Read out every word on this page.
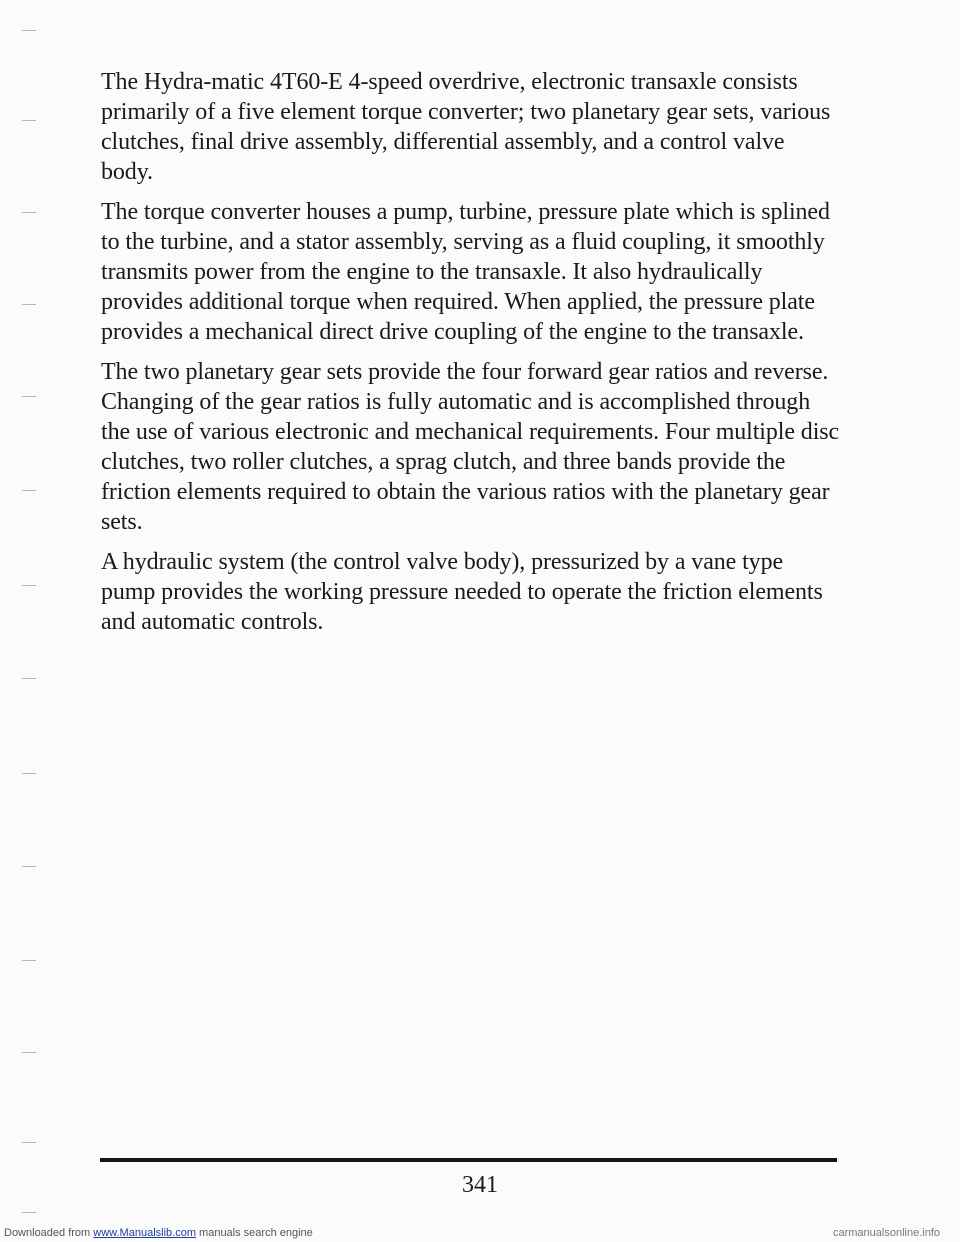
The Hydra-matic 4T60-E 4-speed overdrive, electronic transaxle consists primarily of a five element torque converter; two planetary gear sets, various clutches, final drive assembly, differential assembly, and a control valve body.

The torque converter houses a pump, turbine, pressure plate which is splined to the turbine, and a stator assembly, serving as a fluid coupling, it smoothly transmits power from the engine to the transaxle. It also hydraulically provides additional torque when required. When applied, the pressure plate provides a mechanical direct drive coupling of the engine to the transaxle.

The two planetary gear sets provide the four forward gear ratios and reverse. Changing of the gear ratios is fully automatic and is accomplished through the use of various electronic and mechanical requirements. Four multiple disc clutches, two roller clutches, a sprag clutch, and three bands provide the friction elements required to obtain the various ratios with the planetary gear sets.

A hydraulic system (the control valve body), pressurized by a vane type pump provides the working pressure needed to operate the friction elements and automatic controls.

341
Downloaded from www.Manualslib.com manuals search engine	carmanualsonline.info
